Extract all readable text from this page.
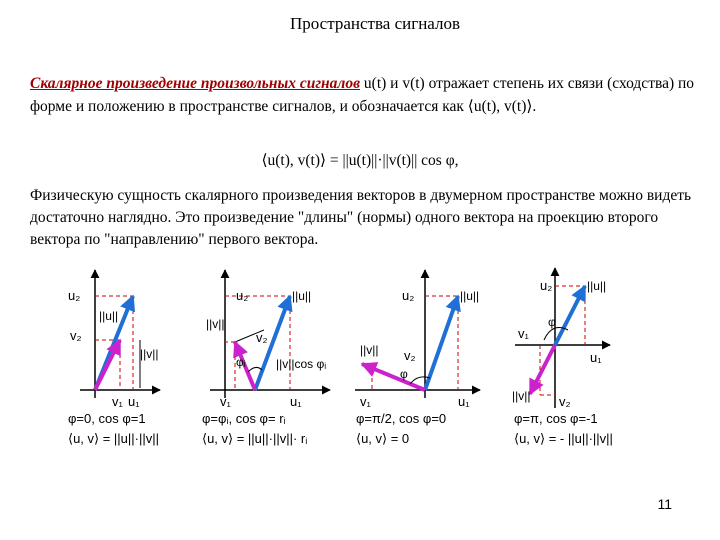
Пространства сигналов
Скалярное произведение произвольных сигналов u(t) и v(t) отражает степень их связи (сходства) по форме и положению в пространстве сигналов, и обозначается как ⟨u(t), v(t)⟩.
⟨u(t), v(t)⟩ = ||u(t)||·||v(t)|| cos φ,
Физическую сущность скалярного произведения векторов в двумерном пространстве можно видеть достаточно наглядно. Это произведение "длины" (нормы) одного вектора на проекцию второго вектора по "направлению" первого вектора.
u₂
v₂
||u||
||v||
v₁ u₁
φ=0, cos φ=1
⟨u, v⟩ = ||u||·||v||
u₂
v₂
||u||
||v||
φᵢ	||v||cos φᵢ
v₁	u₁
φ=φᵢ, cos φ= rᵢ
⟨u, v⟩ = ||u||·||v||· rᵢ
u₂
v₂
||u||
||v||
φ
v₁	u₁
φ=π/2, cos φ=0
⟨u, v⟩ = 0
u₂	||u||
v₁
φ
u₁
||v|| v₂
φ=π, cos φ=-1
⟨u, v⟩ = - ||u||·||v||
11
